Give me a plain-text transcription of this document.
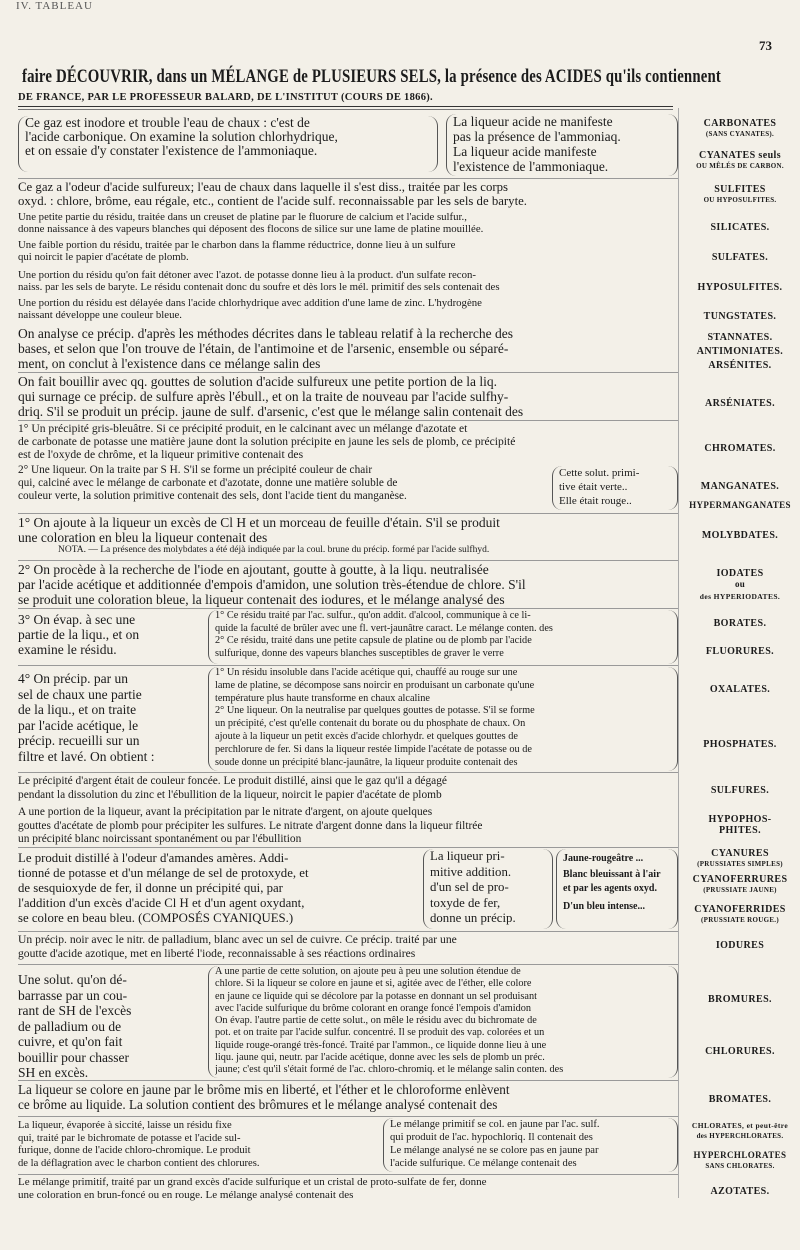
IV. TABLEAU
73
faire DÉCOUVRIR, dans un MÉLANGE de PLUSIEURS SELS, la présence des ACIDES qu'ils contiennent
DE FRANCE, PAR LE PROFESSEUR BALARD, DE L'INSTITUT (COURS DE 1866).
Ce gaz est inodore et trouble l'eau de chaux : c'est de
l'acide carbonique. On examine la solution chlorhydrique,
et on essaie d'y constater l'existence de l'ammoniaque.
La liqueur acide ne manifeste
pas la présence de l'ammoniaq.
La liqueur acide manifeste
l'existence de l'ammoniaque.
Ce gaz a l'odeur d'acide sulfureux; l'eau de chaux dans laquelle il s'est diss., traitée par les corps
oxyd. : chlore, brôme, eau régale, etc., contient de l'acide sulf. reconnaissable par les sels de baryte.
Une petite partie du résidu, traitée dans un creuset de platine par le fluorure de calcium et l'acide sulfur.,
donne naissance à des vapeurs blanches qui déposent des flocons de silice sur une lame de platine mouillée.
Une faible portion du résidu, traitée par le charbon dans la flamme réductrice, donne lieu à un sulfure
qui noircit le papier d'acétate de plomb.
Une portion du résidu qu'on fait détoner avec l'azot. de potasse donne lieu à la product. d'un sulfate recon-
naiss. par les sels de baryte. Le résidu contenait donc du soufre et dès lors le mél. primitif des sels contenait des
Une portion du résidu est délayée dans l'acide chlorhydrique avec addition d'une lame de zinc. L'hydrogène
naissant développe une couleur bleue.
On analyse ce précip. d'après les méthodes décrites dans le tableau relatif à la recherche des
bases, et selon que l'on trouve de l'étain, de l'antimoine et de l'arsenic, ensemble ou séparé-
ment, on conclut à l'existence dans ce mélange salin des
On fait bouillir avec qq. gouttes de solution d'acide sulfureux une petite portion de la liq.
qui surnage ce précip. de sulfure après l'ébull., et on la traite de nouveau par l'acide sulfhy-
driq. S'il se produit un précip. jaune de sulf. d'arsenic, c'est que le mélange salin contenait des
1° Un précipité gris-bleuâtre. Si ce précipité produit, en le calcinant avec un mélange d'azotate et
de carbonate de potasse une matière jaune dont la solution précipite en jaune les sels de plomb, ce précipité
est de l'oxyde de chrôme, et la liqueur primitive contenait des
2° Une liqueur. On la traite par S H. S'il se forme un précipité couleur de chair
qui, calciné avec le mélange de carbonate et d'azotate, donne une matière soluble de
couleur verte, la solution primitive contenait des sels, dont l'acide tient du manganèse.
Cette solut. primi-
tive était verte..
Elle était rouge..
1° On ajoute à la liqueur un excès de Cl H et un morceau de feuille d'étain. S'il se produit
une coloration en bleu la liqueur contenait des
NOTA. — La présence des molybdates a été déjà indiquée par la coul. brune du précip. formé par l'acide sulfhyd.
2° On procède à la recherche de l'iode en ajoutant, goutte à goutte, à la liqu. neutralisée
par l'acide acétique et additionnée d'empois d'amidon, une solution très-étendue de chlore. S'il
se produit une coloration bleue, la liqueur contenait des iodures, et le mélange analysé des
3° On évap. à sec une
partie de la liqu., et on
examine le résidu.
1° Ce résidu traité par l'ac. sulfur., qu'on addit. d'alcool, communique à ce li-
quide la faculté de brûler avec une fl. vert-jaunâtre caract. Le mélange conten. des
2° Ce résidu, traité dans une petite capsule de platine ou de plomb par l'acide
sulfurique, donne des vapeurs blanches susceptibles de graver le verre
4° On précip. par un
sel de chaux une partie
de la liqu., et on traite
par l'acide acétique, le
précip. recueilli sur un
filtre et lavé. On obtient :
1° Un résidu insoluble dans l'acide acétique qui, chauffé au rouge sur une
lame de platine, se décompose sans noircir en produisant un carbonate qu'une
température plus haute transforme en chaux alcaline
2° Une liqueur. On la neutralise par quelques gouttes de potasse. S'il se forme
un précipité, c'est qu'elle contenait du borate ou du phosphate de chaux. On
ajoute à la liqueur un petit excès d'acide chlorhydr. et quelques gouttes de
perchlorure de fer. Si dans la liqueur restée limpide l'acétate de potasse ou de
soude donne un précipité blanc-jaunâtre, la liqueur produite contenait des
Le précipité d'argent était de couleur foncée. Le produit distillé, ainsi que le gaz qu'il a dégagé
pendant la dissolution du zinc et l'ébullition de la liqueur, noircit le papier d'acétate de plomb
A une portion de la liqueur, avant la précipitation par le nitrate d'argent, on ajoute quelques
gouttes d'acétate de plomb pour précipiter les sulfures. Le nitrate d'argent donne dans la liqueur filtrée
un précipité blanc noircissant spontanément ou par l'ébullition
Le produit distillé à l'odeur d'amandes amères. Addi-
tionné de potasse et d'un mélange de sel de protoxyde, et
de sesquioxyde de fer, il donne un précipité qui, par
l'addition d'un excès d'acide Cl H et d'un agent oxydant,
se colore en beau bleu. (COMPOSÉS CYANIQUES.)
La liqueur pri-
mitive addition.
d'un sel de pro-
toxyde de fer,
donne un précip.
Jaune-rougeâtre ...
Blanc bleuissant à l'air
et par les agents oxyd.
D'un bleu intense...
Un précip. noir avec le nitr. de palladium, blanc avec un sel de cuivre. Ce précip. traité par une
goutte d'acide azotique, met en liberté l'iode, reconnaissable à ses réactions ordinaires
Une solut. qu'on dé-
barrasse par un cou-
rant de SH de l'excès
de palladium ou de
cuivre, et qu'on fait
bouillir pour chasser
SH en excès.
A une partie de cette solution, on ajoute peu à peu une solution étendue de
chlore. Si la liqueur se colore en jaune et si, agitée avec de l'éther, elle colore
en jaune ce liquide qui se décolore par la potasse en donnant un sel produisant
avec l'acide sulfurique du brôme colorant en orange foncé l'empois d'amidon
On évap. l'autre partie de cette solut., on mêle le résidu avec du bichromate de
pot. et on traite par l'acide sulfur. concentré. Il se produit des vap. colorées et un
liquide rouge-orangé très-foncé. Traité par l'ammon., ce liquide donne lieu à une
liqu. jaune qui, neutr. par l'acide acétique, donne avec les sels de plomb un préc.
jaune; c'est qu'il s'était formé de l'ac. chloro-chromiq. et le mélange salin conten. des
La liqueur se colore en jaune par le brôme mis en liberté, et l'éther et le chloroforme enlèvent
ce brôme au liquide. La solution contient des brômures et le mélange analysé contenait des
La liqueur, évaporée à siccité, laisse un résidu fixe
qui, traité par le bichromate de potasse et l'acide sul-
furique, donne de l'acide chloro-chromique. Le produit
de la déflagration avec le charbon contient des chlorures.
Le mélange primitif se col. en jaune par l'ac. sulf.
qui produit de l'ac. hypochloriq. Il contenait des
Le mélange analysé ne se colore pas en jaune par
l'acide sulfurique. Ce mélange contenait des
Le mélange primitif, traité par un grand excès d'acide sulfurique et un cristal de proto-sulfate de fer, donne
une coloration en brun-foncé ou en rouge. Le mélange analysé contenait des
CARBONATES
(SANS CYANATES).
CYANATES seuls
OU MÊLÉS DE CARBON.
SULFITES
OU HYPOSULFITES.
SILICATES.
SULFATES.
HYPOSULFITES.
TUNGSTATES.
STANNATES.
ANTIMONIATES.
ARSÉNITES.
ARSÉNIATES.
CHROMATES.
MANGANATES.
HYPERMANGANATES
MOLYBDATES.
IODATES
ou
des HYPERIODATES.
BORATES.
FLUORURES.
OXALATES.
PHOSPHATES.
SULFURES.
HYPOPHOS-
PHITES.
CYANURES
(PRUSSIATES SIMPLES)
CYANOFERRURES
(PRUSSIATE JAUNE)
CYANOFERRIDES
(PRUSSIATE ROUGE.)
IODURES
BROMURES.
CHLORURES.
BROMATES.
CHLORATES, et peut-être
des HYPERCHLORATES.
HYPERCHLORATES
SANS CHLORATES.
AZOTATES.
